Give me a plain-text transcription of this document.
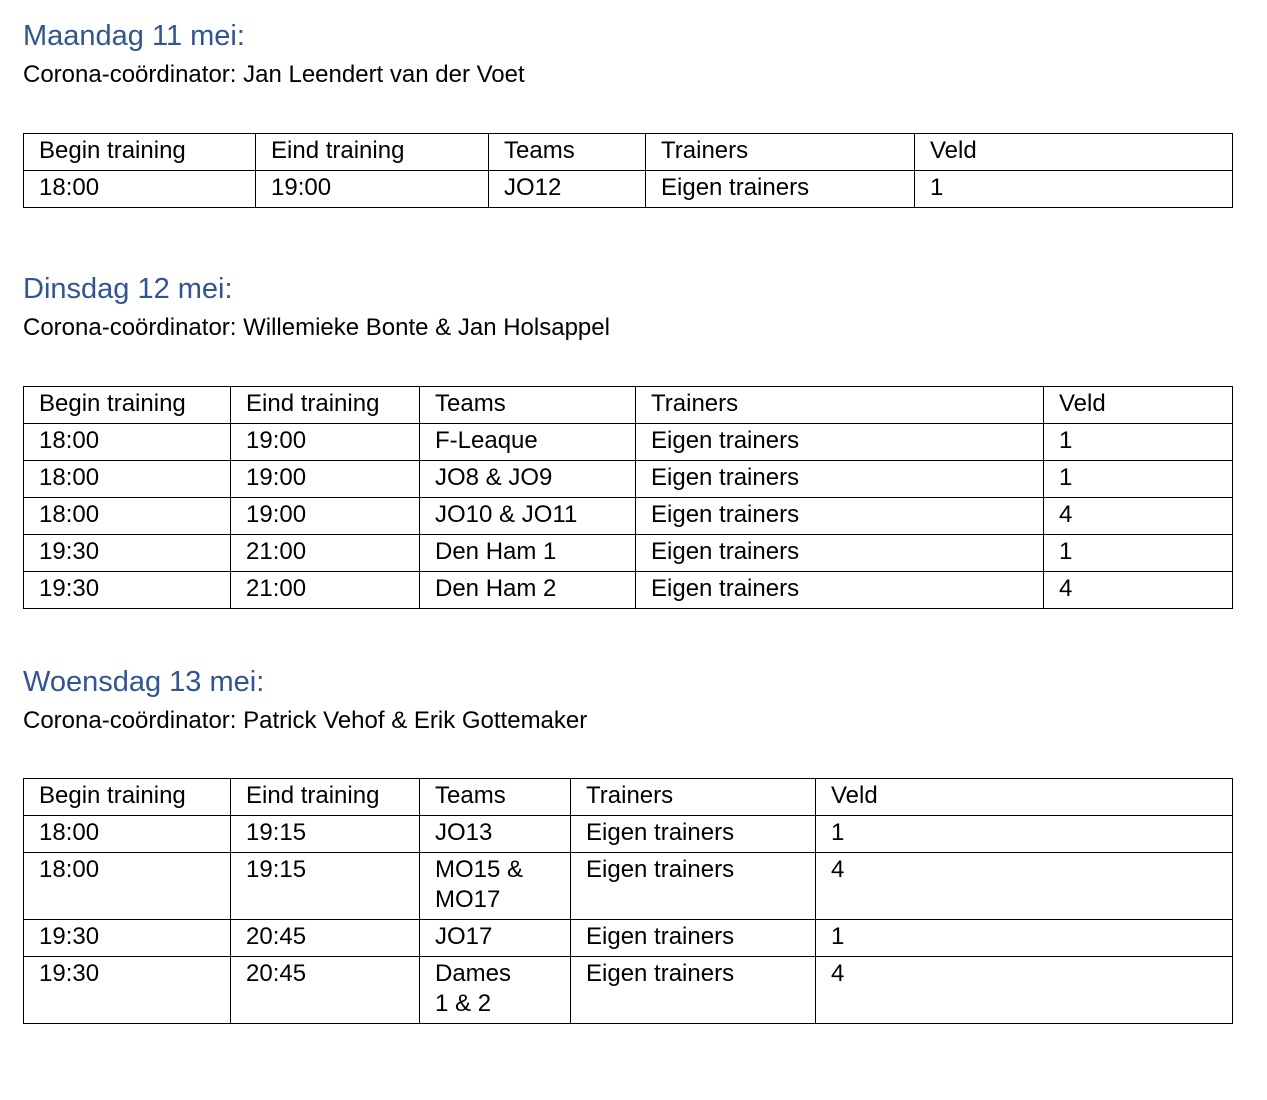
Maandag 11 mei:

Corona-coördinator: Jan Leendert van der Voet

Begin training	Eind training	Teams	Trainers	Veld
18:00	19:00	JO12	Eigen trainers	1
Dinsdag 12 mei:

Corona-coördinator: Willemieke Bonte & Jan Holsappel

Begin training	Eind training	Teams	Trainers	Veld
18:00	19:00	F-Leaque	Eigen trainers	1
18:00	19:00	JO8 & JO9	Eigen trainers	1
18:00	19:00	JO10 & JO11	Eigen trainers	4
19:30	21:00	Den Ham 1	Eigen trainers	1
19:30	21:00	Den Ham 2	Eigen trainers	4
Woensdag 13 mei:

Corona-coördinator: Patrick Vehof & Erik Gottemaker

Begin training	Eind training	Teams	Trainers	Veld
18:00	19:15	JO13	Eigen trainers	1
18:00	19:15	MO15 &
MO17	Eigen trainers	4
19:30	20:45	JO17	Eigen trainers	1
19:30	20:45	Dames
1 & 2	Eigen trainers	4
